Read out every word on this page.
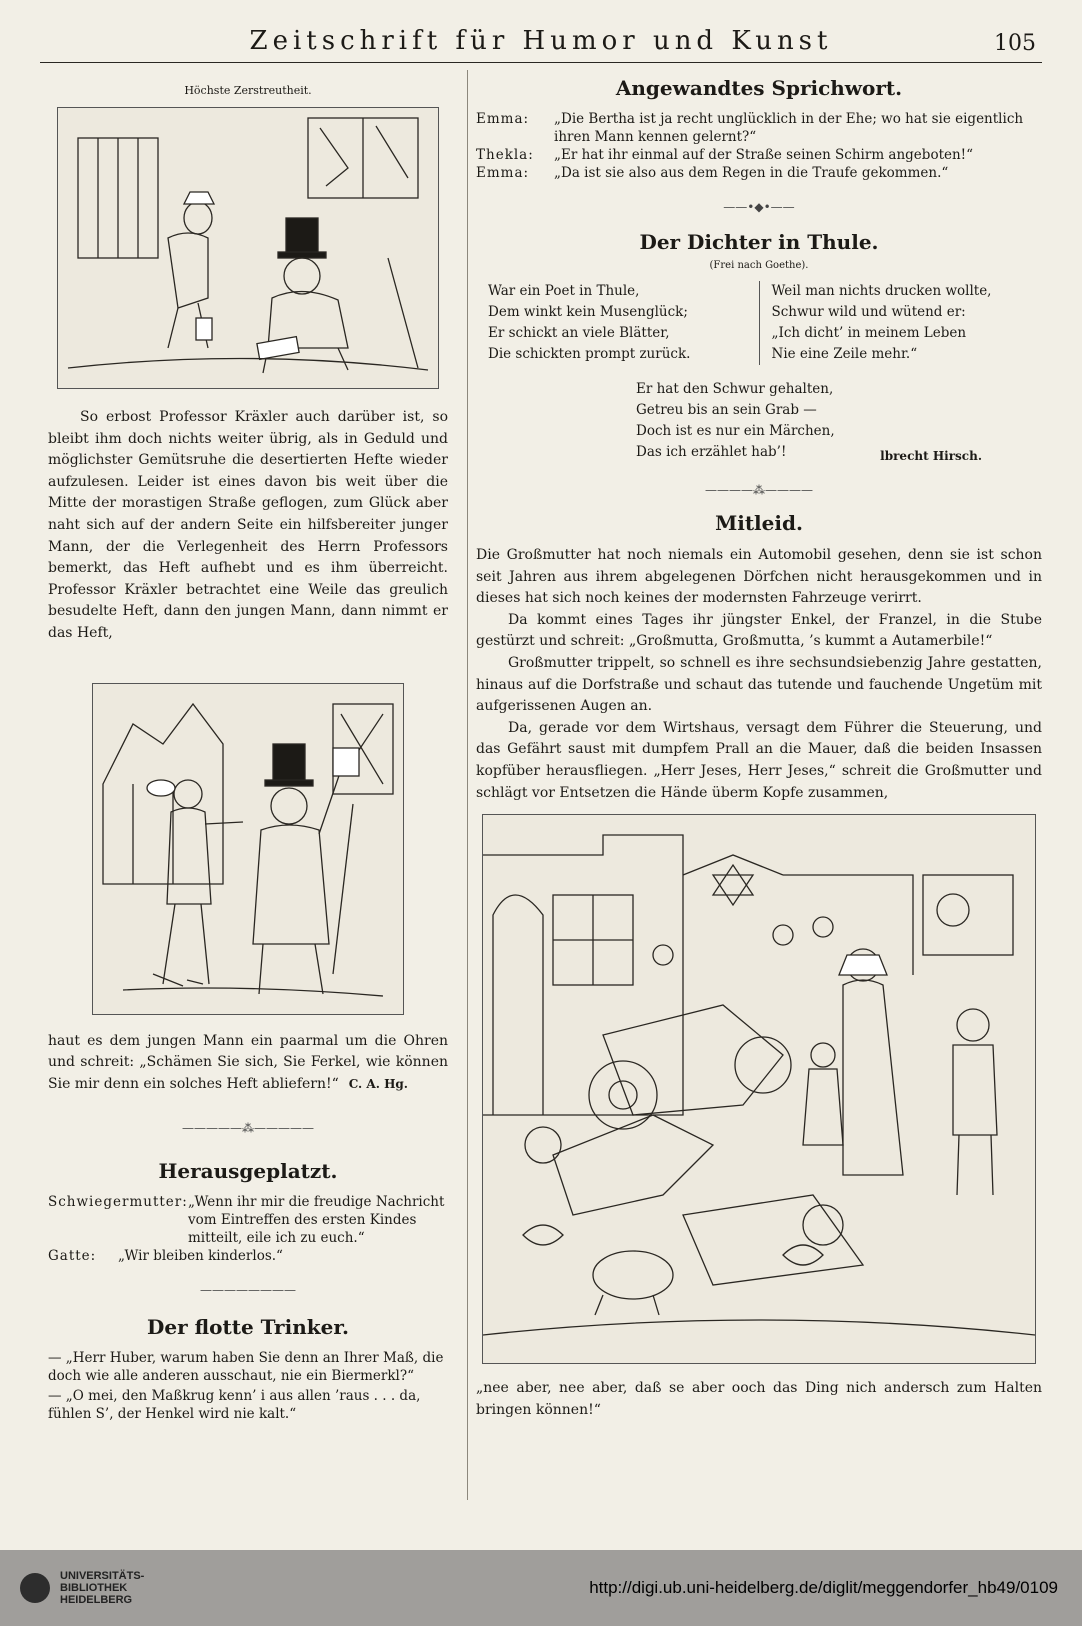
Zeitschrift für Humor und Kunst	105
Höchste Zerstreutheit.

So erbost Professor Kräxler auch darüber ist, so bleibt ihm doch nichts weiter übrig, als in Geduld und möglichster Gemütsruhe die desertierten Hefte wieder aufzulesen. Leider ist eines davon bis weit über die Mitte der morastigen Straße geflogen, zum Glück aber naht sich auf der andern Seite ein hilfsbereiter junger Mann, der die Verlegenheit des Herrn Professors bemerkt, das Heft aufhebt und es ihm überreicht. Professor Kräxler betrachtet eine Weile das greulich besudelte Heft, dann den jungen Mann, dann nimmt er das Heft,

haut es dem jungen Mann ein paarmal um die Ohren und schreit: „Schämen Sie sich, Sie Ferkel, wie können Sie mir denn ein solches Heft abliefern!“ C. A. Hg.
—————⁂—————
Herausgeplatzt.
Schwiegermutter: „Wenn ihr mir die freudige Nachricht vom Eintreffen des ersten Kindes mitteilt, eile ich zu euch.“
Gatte:	„Wir bleiben kinderlos.“
————————
Der flotte Trinker.
— „Herr Huber, warum haben Sie denn an Ihrer Maß, die doch wie alle anderen ausschaut, nie ein Biermerkl?“
— „O mei, den Maßkrug kenn’ i aus allen ’raus . . . da, fühlen S’, der Henkel wird nie kalt.“
Angewandtes Sprichwort.
Emma:	„Die Bertha ist ja recht unglücklich in der Ehe; wo hat sie eigentlich ihren Mann kennen gelernt?“
Thekla:	„Er hat ihr einmal auf der Straße seinen Schirm angeboten!“
Emma:	„Da ist sie also aus dem Regen in die Traufe gekommen.“
——•◆•——
Der Dichter in Thule.
(Frei nach Goethe).
War ein Poet in Thule,
Dem winkt kein Musenglück;
Er schickt an viele Blätter,
Die schickten prompt zurück.
Weil man nichts drucken wollte,
Schwur wild und wütend er:
„Ich dicht’ in meinem Leben
Nie eine Zeile mehr.“
Er hat den Schwur gehalten,
Getreu bis an sein Grab —
Doch ist es nur ein Märchen,
Das ich erzählet hab’!	lbrecht Hirsch.
————⁂————
Mitleid.

Die Großmutter hat noch niemals ein Automobil gesehen, denn sie ist schon seit Jahren aus ihrem abgelegenen Dörfchen nicht herausgekommen und in dieses hat sich noch keines der modernsten Fahrzeuge verirrt.

Da kommt eines Tages ihr jüngster Enkel, der Franzel, in die Stube gestürzt und schreit: „Großmutta, Großmutta, ’s kummt a Autamerbile!“

Großmutter trippelt, so schnell es ihre sechsundsiebenzig Jahre gestatten, hinaus auf die Dorfstraße und schaut das tutende und fauchende Ungetüm mit aufgerissenen Augen an.

Da, gerade vor dem Wirtshaus, versagt dem Führer die Steuerung, und das Gefährt saust mit dumpfem Prall an die Mauer, daß die beiden Insassen kopfüber herausfliegen. „Herr Jeses, Herr Jeses,“ schreit die Großmutter und schlägt vor Entsetzen die Hände überm Kopfe zusammen,

„nee aber, nee aber, daß se aber ooch das Ding nich andersch zum Halten bringen können!“

UNIVERSITÄTS-
BIBLIOTHEK
HEIDELBERG
http://digi.ub.uni-heidelberg.de/diglit/meggendorfer_hb49/0109
